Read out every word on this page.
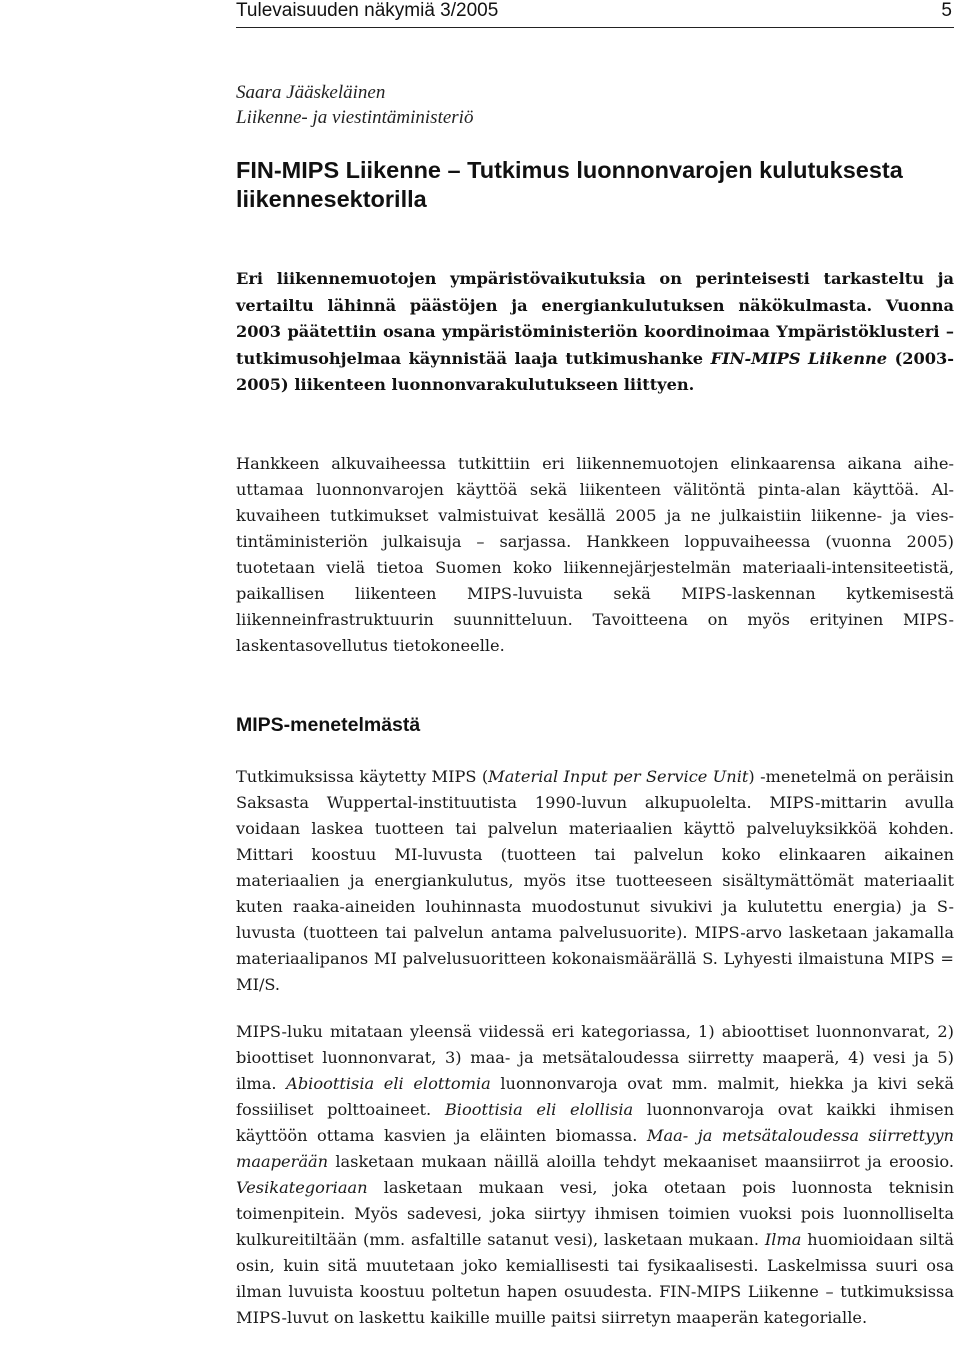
Tulevaisuuden näkymiä 3/2005	5
Saara Jääskeläinen
Liikenne- ja viestintäministeriö
FIN-MIPS Liikenne – Tutkimus luonnonvarojen kulutuksesta liikennesektorilla

Eri liikennemuotojen ympäristövaikutuksia on perinteisesti tarkasteltu ja vertailtu lähinnä päästöjen ja energiankulutuksen näkökulmasta. Vuonna 2003 päätettiin osana ympäristöministeriön koordinoimaa Ympäristöklusteri – tutkimusohjelmaa käynnistää laaja tutkimushanke FIN-MIPS Liikenne (2003-2005) liikenteen luonnonvarakulutukseen liittyen.

Hankkeen alkuvaiheessa tutkittiin eri liikennemuotojen elinkaarensa aikana aiheuttamaa luonnonvarojen käyttöä sekä liikenteen välitöntä pinta-alan käyttöä. Alkuvaiheen tutkimukset valmistuivat kesällä 2005 ja ne julkaistiin liikenne- ja viestintäministeriön julkaisuja – sarjassa. Hankkeen loppuvaiheessa (vuonna 2005) tuotetaan vielä tietoa Suomen koko liikennejärjestelmän materiaali-intensiteetistä, paikallisen liikenteen MIPS-luvuista sekä MIPS-laskennan kytkemisestä liikenneinfrastruktuurin suunnitteluun. Tavoitteena on myös erityinen MIPS-laskentasovellutus tietokoneelle.

MIPS-menetelmästä

Tutkimuksissa käytetty MIPS (Material Input per Service Unit) -menetelmä on peräisin Saksasta Wuppertal-instituutista 1990-luvun alkupuolelta. MIPS-mittarin avulla voidaan laskea tuotteen tai palvelun materiaalien käyttö palveluyksikköä kohden. Mittari koostuu MI-luvusta (tuotteen tai palvelun koko elinkaaren aikainen materiaalien ja energiankulutus, myös itse tuotteeseen sisältymättömät materiaalit kuten raaka-aineiden louhinnasta muodostunut sivukivi ja kulutettu energia) ja S-luvusta (tuotteen tai palvelun antama palvelusuorite). MIPS-arvo lasketaan jakamalla materiaalipanos MI palvelusuoritteen kokonaismäärällä S. Lyhyesti ilmaistuna MIPS = MI/S.

MIPS-luku mitataan yleensä viidessä eri kategoriassa, 1) abioottiset luonnonvarat, 2) bioottiset luonnonvarat, 3) maa- ja metsätaloudessa siirretty maaperä, 4) vesi ja 5) ilma. Abioottisia eli elottomia luonnonvaroja ovat mm. malmit, hiekka ja kivi sekä fossiiliset polttoaineet. Bioottisia eli elollisia luonnonvaroja ovat kaikki ihmisen käyttöön ottama kasvien ja eläinten biomassa. Maa- ja metsätaloudessa siirrettyyn maaperään lasketaan mukaan näillä aloilla tehdyt mekaaniset maansiirrot ja eroosio. Vesikategoriaan lasketaan mukaan vesi, joka otetaan pois luonnosta teknisin toimenpitein. Myös sadevesi, joka siirtyy ihmisen toimien vuoksi pois luonnolliselta kulkureitiltään (mm. asfaltille satanut vesi), lasketaan mukaan. Ilma huomioidaan siltä osin, kuin sitä muutetaan joko kemiallisesti tai fysikaalisesti. Laskelmissa suuri osa ilman luvuista koostuu poltetun hapen osuudesta. FIN-MIPS Liikenne – tutkimuksissa MIPS-luvut on laskettu kaikille muille paitsi siirretyn maaperän kategorialle.
